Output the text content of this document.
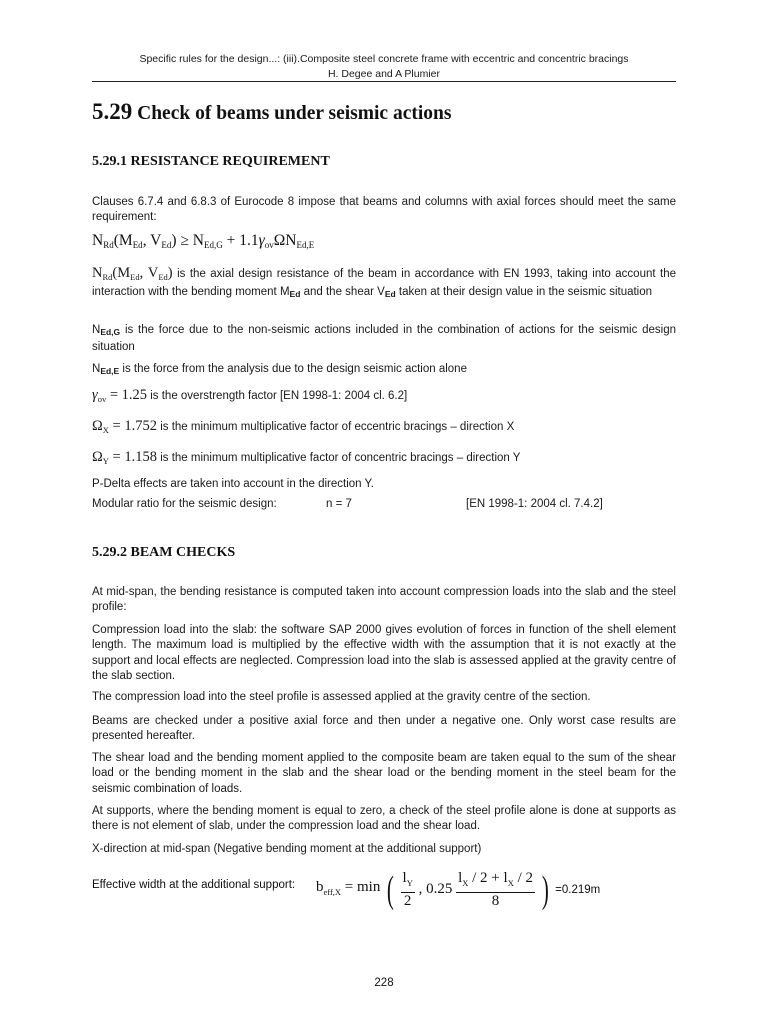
Specific rules for the design...: (iii).Composite steel concrete frame with eccentric and concentric bracings
H. Degee and A Plumier
5.29 Check of beams under seismic actions
5.29.1 RESISTANCE REQUIREMENT
Clauses 6.7.4 and 6.8.3 of Eurocode 8 impose that beams and columns with axial forces should meet the same requirement:
$N_{Rd}(M_{Ed}$, $V_{Ed}) \ge N_{Ed,G} + 1.1\gamma_{ov}\Omega N_{Ed,E}$
$N_{Rd}(M_{Ed}$, $V_{Ed}$) is the axial design resistance of the beam in accordance with EN 1993, taking into account the interaction with the bending moment MEd and the shear VEd taken at their design value in the seismic situation
NEd,G is the force due to the non-seismic actions included in the combination of actions for the seismic design situation
NEd,E is the force from the analysis due to the design seismic action alone
$\gamma_{ov} = 1.25$ is the overstrength factor [EN 1998-1: 2004 cl. 6.2]
$\Omega_X = 1.752$ is the minimum multiplicative factor of eccentric bracings – direction X
$\Omega_Y = 1.158$ is the minimum multiplicative factor of concentric bracings – direction Y
P-Delta effects are taken into account in the direction Y.
Modular ratio for the seismic design:	n = 7	[EN 1998-1: 2004 cl. 7.4.2]
5.29.2 BEAM CHECKS
At mid-span, the bending resistance is computed taken into account compression loads into the slab and the steel profile:
Compression load into the slab: the software SAP 2000 gives evolution of forces in function of the shell element length. The maximum load is multiplied by the effective width with the assumption that it is not exactly at the support and local effects are neglected. Compression load into the slab is assessed applied at the gravity centre of the slab section.
The compression load into the steel profile is assessed applied at the gravity centre of the section.
Beams are checked under a positive axial force and then under a negative one. Only worst case results are presented hereafter.
The shear load and the bending moment applied to the composite beam are taken equal to the sum of the shear load or the bending moment in the slab and the shear load or the bending moment in the steel beam for the seismic combination of loads.
At supports, where the bending moment is equal to zero, a check of the steel profile alone is done at supports as there is not element of slab, under the compression load and the shear load.
X-direction at mid-span (Negative bending moment at the additional support)
Effective width at the additional support: $b_{eff,X} = \min$ ( $\frac{l_Y}{2}$ , $0.25 \frac{l_X / 2 + l_X / 2}{8}$ ) =0.219m
228
